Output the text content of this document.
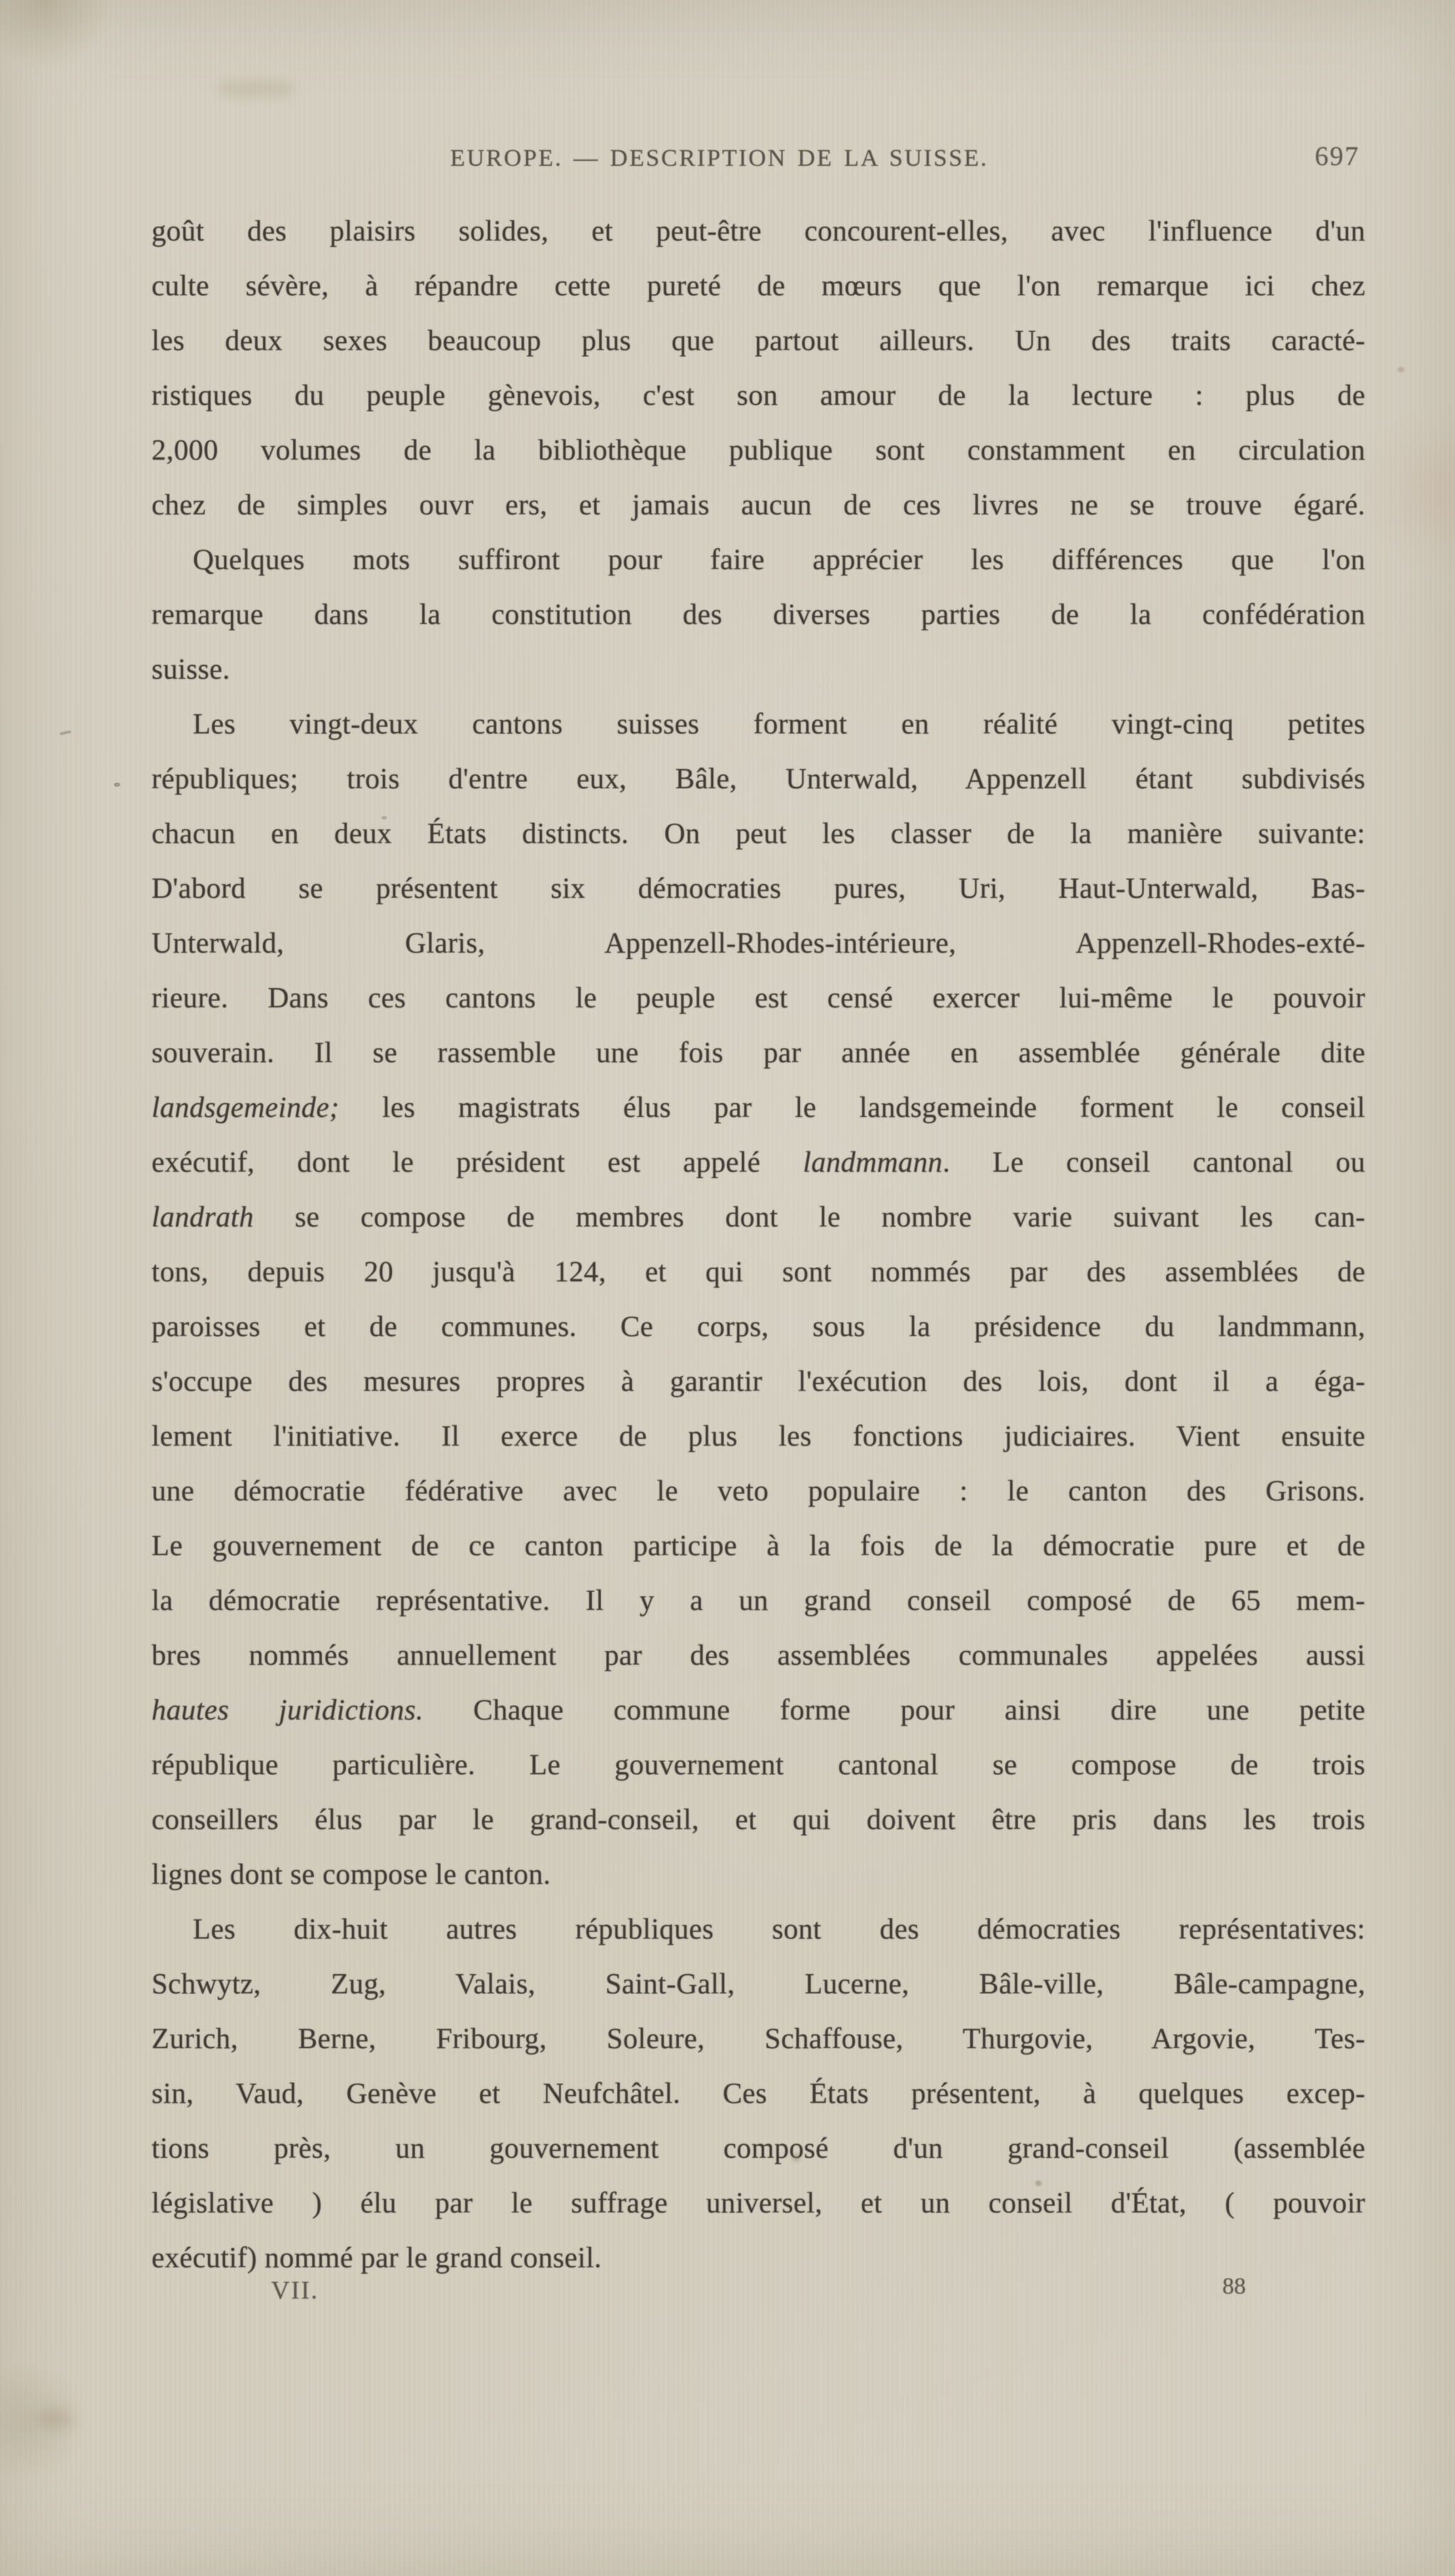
EUROPE. — DESCRIPTION DE LA SUISSE.	697
goût des plaisirs solides, et peut-être concourent-elles, avec l'influence d'un
culte sévère, à répandre cette pureté de mœurs que l'on remarque ici chez
les deux sexes beaucoup plus que partout ailleurs. Un des traits caracté-
ristiques du peuple gènevois, c'est son amour de la lecture : plus de
2,000 volumes de la bibliothèque publique sont constamment en circulation
chez de simples ouvr ers, et jamais aucun de ces livres ne se trouve égaré.
Quelques mots suffiront pour faire apprécier les différences que l'on
remarque dans la constitution des diverses parties de la confédération
suisse.
Les vingt-deux cantons suisses forment en réalité vingt-cinq petites
républiques; trois d'entre eux, Bâle, Unterwald, Appenzell étant subdivisés
chacun en deux États distincts. On peut les classer de la manière suivante:
D'abord se présentent six démocraties pures, Uri, Haut-Unterwald, Bas-
Unterwald, Glaris, Appenzell-Rhodes-intérieure, Appenzell-Rhodes-exté-
rieure. Dans ces cantons le peuple est censé exercer lui-même le pouvoir
souverain. Il se rassemble une fois par année en assemblée générale dite
landsgemeinde; les magistrats élus par le landsgemeinde forment le conseil
exécutif, dont le président est appelé landmmann. Le conseil cantonal ou
landrath se compose de membres dont le nombre varie suivant les can-
tons, depuis 20 jusqu'à 124, et qui sont nommés par des assemblées de
paroisses et de communes. Ce corps, sous la présidence du landmmann,
s'occupe des mesures propres à garantir l'exécution des lois, dont il a éga-
lement l'initiative. Il exerce de plus les fonctions judiciaires. Vient ensuite
une démocratie fédérative avec le veto populaire : le canton des Grisons.
Le gouvernement de ce canton participe à la fois de la démocratie pure et de
la démocratie représentative. Il y a un grand conseil composé de 65 mem-
bres nommés annuellement par des assemblées communales appelées aussi
hautes juridictions. Chaque commune forme pour ainsi dire une petite
république particulière. Le gouvernement cantonal se compose de trois
conseillers élus par le grand-conseil, et qui doivent être pris dans les trois
lignes dont se compose le canton.
Les dix-huit autres républiques sont des démocraties représentatives:
Schwytz, Zug, Valais, Saint-Gall, Lucerne, Bâle-ville, Bâle-campagne,
Zurich, Berne, Fribourg, Soleure, Schaffouse, Thurgovie, Argovie, Tes-
sin, Vaud, Genève et Neufchâtel. Ces États présentent, à quelques excep-
tions près, un gouvernement composé d'un grand-conseil (assemblée
législative ) élu par le suffrage universel, et un conseil d'État, ( pouvoir
exécutif) nommé par le grand conseil.
VII.	88
